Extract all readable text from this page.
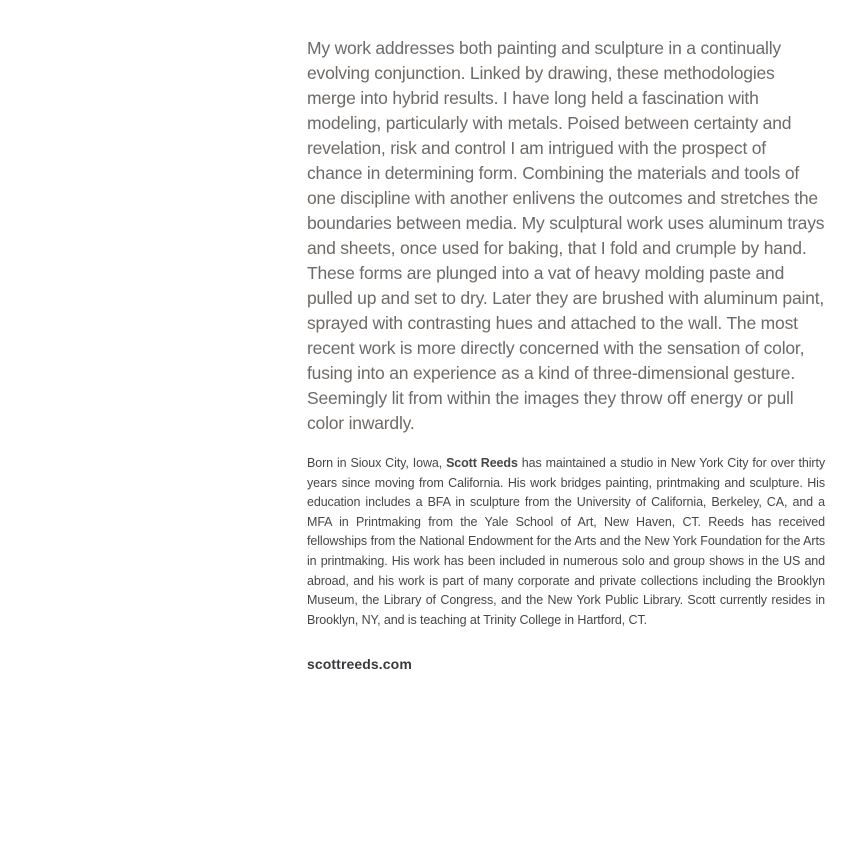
My work addresses both painting and sculpture in a continually evolving conjunction. Linked by drawing, these methodologies merge into hybrid results. I have long held a fascination with modeling, particularly with metals. Poised between certainty and revelation, risk and control I am intrigued with the prospect of chance in determining form. Combining the materials and tools of one discipline with another enlivens the outcomes and stretches the boundaries between media. My sculptural work uses aluminum trays and sheets, once used for baking, that I fold and crumple by hand. These forms are plunged into a vat of heavy molding paste and pulled up and set to dry. Later they are brushed with aluminum paint, sprayed with contrasting hues and attached to the wall. The most recent work is more directly concerned with the sensation of color, fusing into an experience as a kind of three-dimensional gesture. Seemingly lit from within the images they throw off energy or pull color inwardly.

Born in Sioux City, Iowa, Scott Reeds has maintained a studio in New York City for over thirty years since moving from California. His work bridges painting, printmaking and sculpture. His education includes a BFA in sculpture from the University of California, Berkeley, CA, and a MFA in Printmaking from the Yale School of Art, New Haven, CT. Reeds has received fellowships from the National Endowment for the Arts and the New York Foundation for the Arts in printmaking. His work has been included in numerous solo and group shows in the US and abroad, and his work is part of many corporate and private collections including the Brooklyn Museum, the Library of Congress, and the New York Public Library. Scott currently resides in Brooklyn, NY, and is teaching at Trinity College in Hartford, CT.

scottreeds.com
